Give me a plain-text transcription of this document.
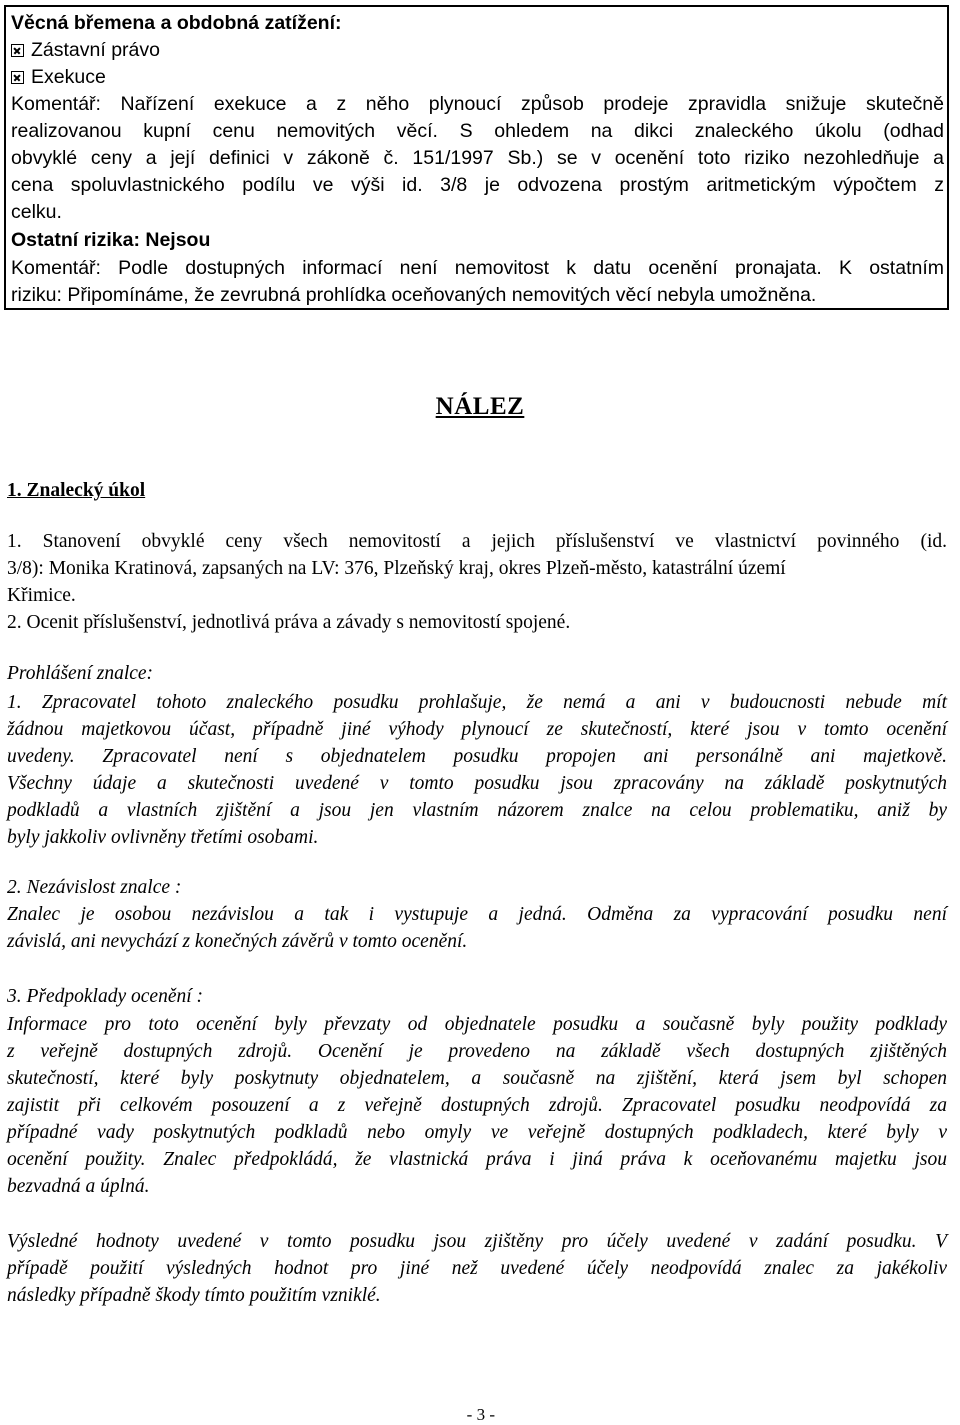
Věcná břemena a obdobná zatížení:
Zástavní právo
Exekuce
Komentář: Nařízení exekuce a z něho plynoucí způsob prodeje zpravidla snižuje skutečně
realizovanou kupní cenu nemovitých věcí. S ohledem na dikci znaleckého úkolu (odhad
obvyklé ceny a její definici v zákoně č. 151/1997 Sb.) se v ocenění toto riziko nezohledňuje a
cena spoluvlastnického podílu ve výši id. 3/8 je odvozena prostým aritmetickým výpočtem z
celku.
Ostatní rizika: Nejsou
Komentář: Podle dostupných informací není nemovitost k datu ocenění pronajata. K ostatním
riziku: Připomínáme, že zevrubná prohlídka oceňovaných nemovitých věcí nebyla umožněna.
NÁLEZ
1. Znalecký úkol
1. Stanovení obvyklé ceny všech nemovitostí a jejich příslušenství ve vlastnictví povinného (id.
3/8): Monika Kratinová, zapsaných na LV: 376, Plzeňský kraj, okres Plzeň-město, katastrální území
Křimice.
2. Ocenit příslušenství, jednotlivá práva a závady s nemovitostí spojené.
Prohlášení znalce:
1. Zpracovatel tohoto znaleckého posudku prohlašuje, že nemá a ani v budoucnosti nebude mít
žádnou majetkovou účast, případně jiné výhody plynoucí ze skutečností, které jsou v tomto ocenění
uvedeny. Zpracovatel není s objednatelem posudku propojen ani personálně ani majetkově.
Všechny údaje a skutečnosti uvedené v tomto posudku jsou zpracovány na základě poskytnutých
podkladů a vlastních zjištění a jsou jen vlastním názorem znalce na celou problematiku, aniž by
byly jakkoliv ovlivněny třetími osobami.
2. Nezávislost znalce :
Znalec je osobou nezávislou a tak i vystupuje a jedná. Odměna za vypracování posudku není
závislá, ani nevychází z konečných závěrů v tomto ocenění.
3. Předpoklady ocenění :
Informace pro toto ocenění byly převzaty od objednatele posudku a současně byly použity podklady
z veřejně dostupných zdrojů. Ocenění je provedeno na základě všech dostupných zjištěných
skutečností, které byly poskytnuty objednatelem, a současně na zjištění, která jsem byl schopen
zajistit při celkovém posouzení a z veřejně dostupných zdrojů. Zpracovatel posudku neodpovídá za
případné vady poskytnutých podkladů nebo omyly ve veřejně dostupných podkladech, které byly v
ocenění použity. Znalec předpokládá, že vlastnická práva i jiná práva k oceňovanému majetku jsou
bezvadná a úplná.
Výsledné hodnoty uvedené v tomto posudku jsou zjištěny pro účely uvedené v zadání posudku. V
případě použití výsledných hodnot pro jiné než uvedené účely neodpovídá znalec za jakékoliv
následky případně škody tímto použitím vzniklé.
- 3 -
